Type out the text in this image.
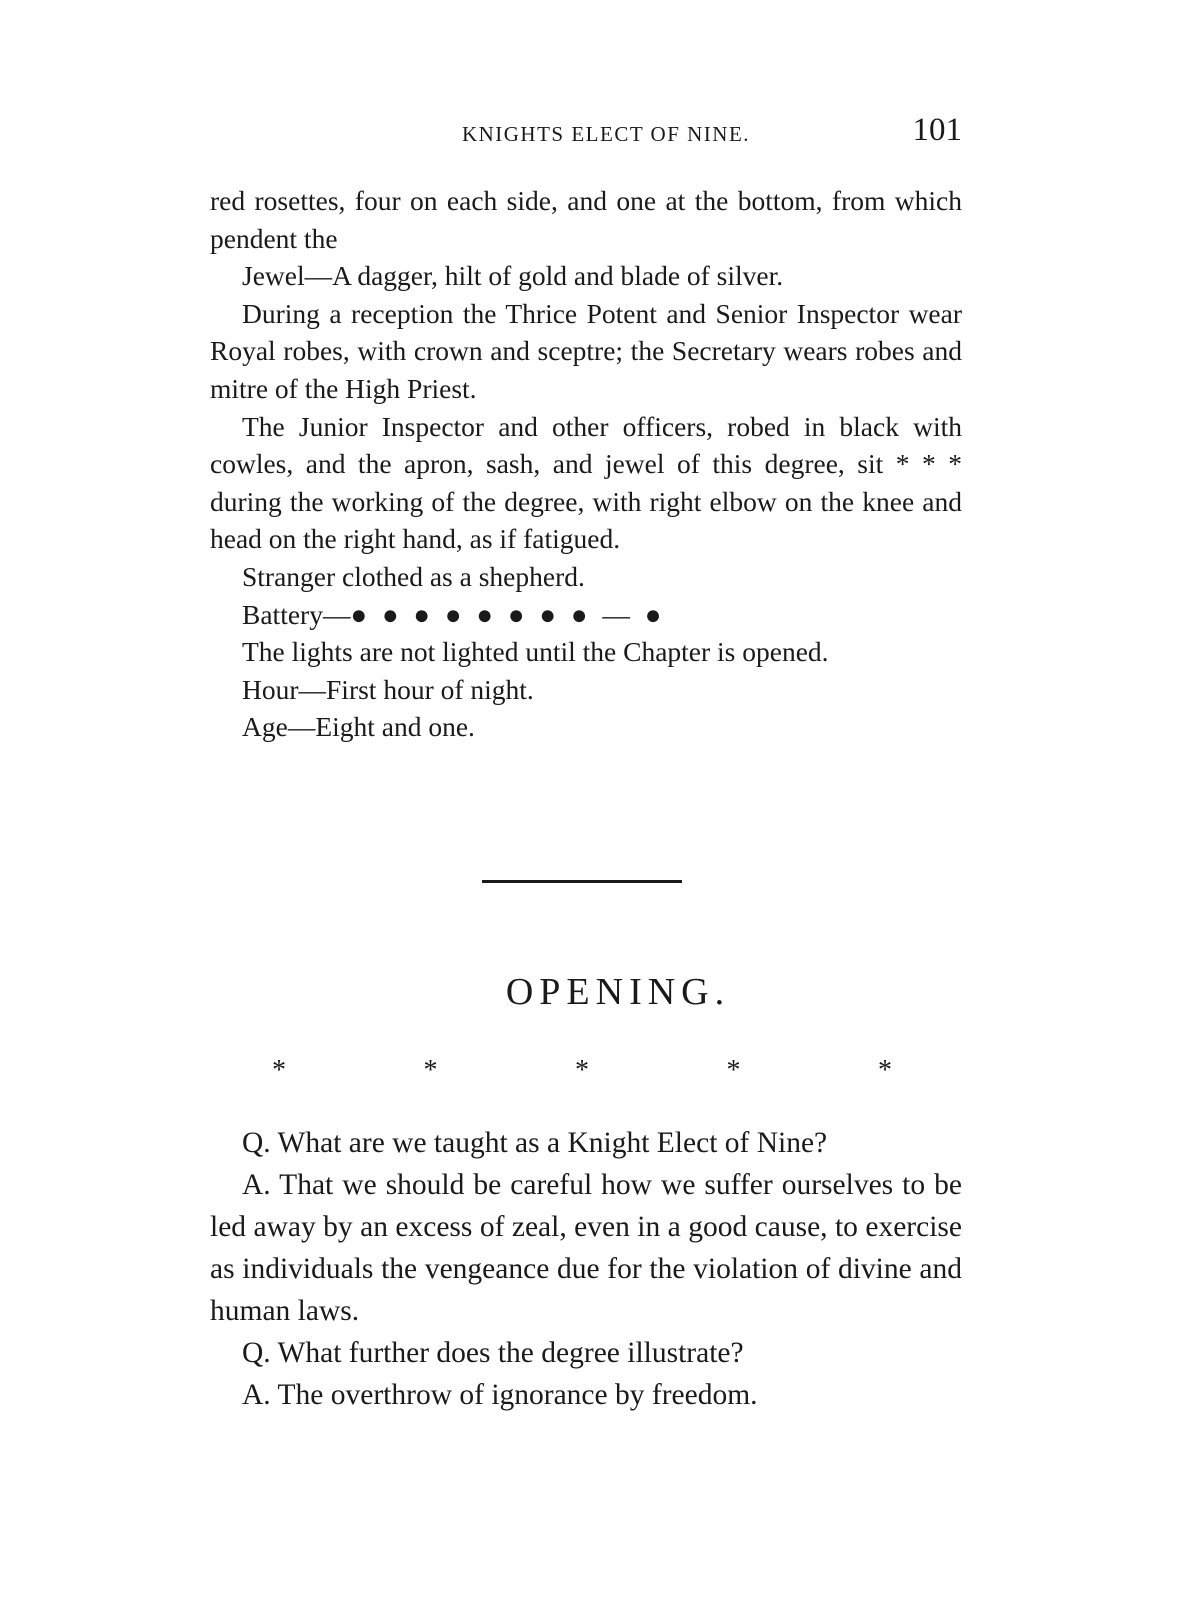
KNIGHTS ELECT OF NINE.	101

red rosettes, four on each side, and one at the bottom, from which pendent the

Jewel—A dagger, hilt of gold and blade of silver.

During a reception the Thrice Potent and Senior Inspector wear Royal robes, with crown and sceptre; the Secretary wears robes and mitre of the High Priest.

The Junior Inspector and other officers, robed in black with cowles, and the apron, sash, and jewel of this degree, sit * * * during the working of the degree, with right elbow on the knee and head on the right hand, as if fatigued.

Stranger clothed as a shepherd.

Battery—● ● ● ● ● ● ● ● — ●

The lights are not lighted until the Chapter is opened.

Hour—First hour of night.

Age—Eight and one.

OPENING.
*	*	*	*	*

Q. What are we taught as a Knight Elect of Nine?

A. That we should be careful how we suffer ourselves to be led away by an excess of zeal, even in a good cause, to exercise as individuals the vengeance due for the violation of divine and human laws.

Q. What further does the degree illustrate?

A. The overthrow of ignorance by freedom.
